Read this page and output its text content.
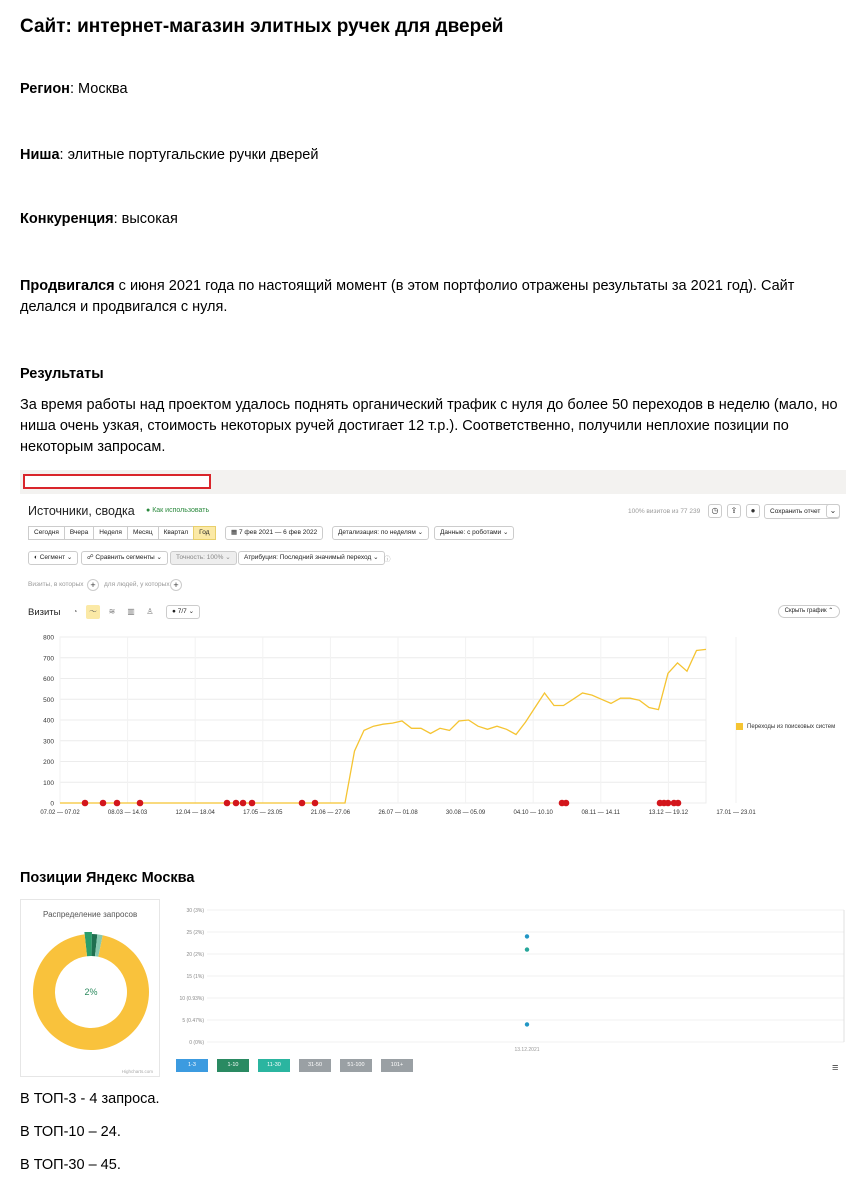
Сайт: интернет-магазин элитных ручек для дверей
Регион: Москва
Ниша: элитные португальские ручки дверей
Конкуренция: высокая
Продвигался с июня 2021 года по настоящий момент (в этом портфолио отражены результаты за 2021 год). Сайт
делался и продвигался с нуля.
Результаты
За время работы над проектом удалось поднять органический трафик с нуля до более 50 переходов в неделю (мало, но
ниша очень узкая, стоимость некоторых ручей достигает 12 т.р.). Соответственно, получили неплохие позиции по
некоторым запросам.
Источники, сводка ● Как использовать	100% визитов из 77 239	◷	⇪	●	Сохранить отчет	⌄
Сегодня	Вчера	Неделя	Месяц	Квартал	Год	▦ 7 фев 2021 — 6 фев 2022	Детализация: по неделям ⌄	Данные: с роботами ⌄
◐ Сегмент ⌄	☍ Сравнить сегменты ⌄	Точность: 100% ⌄	Атрибуция: Последний значимый переход ⌄ ⓘ
Визиты, в которых +	для людей, у которых +
Визиты	◔	〜	≋	▥	♙	● 7/7 ⌄	Скрыть график ⌃
0
100
200
300
400
500
600
700
800
07.02 — 07.02	08.03 — 14.03	12.04 — 18.04	17.05 — 23.05	21.06 — 27.06	26.07 — 01.08	30.08 — 05.09	04.10 — 10.10	08.11 — 14.11	13.12 — 19.12	17.01 — 23.01
Переходы из поисковых систем
Позиции Яндекс Москва
Распределение запросов
2%
Highcharts.com
0 (0%)
5 (0.47%)
10 (0.93%)
15 (1%)
20 (2%)
25 (2%)
30 (3%)
13.12.2021
1-3	1-10	11-30	31-50	51-100	101+	≡
В ТОП-3 - 4 запроса.
В ТОП-10 – 24.
В ТОП-30 – 45.
